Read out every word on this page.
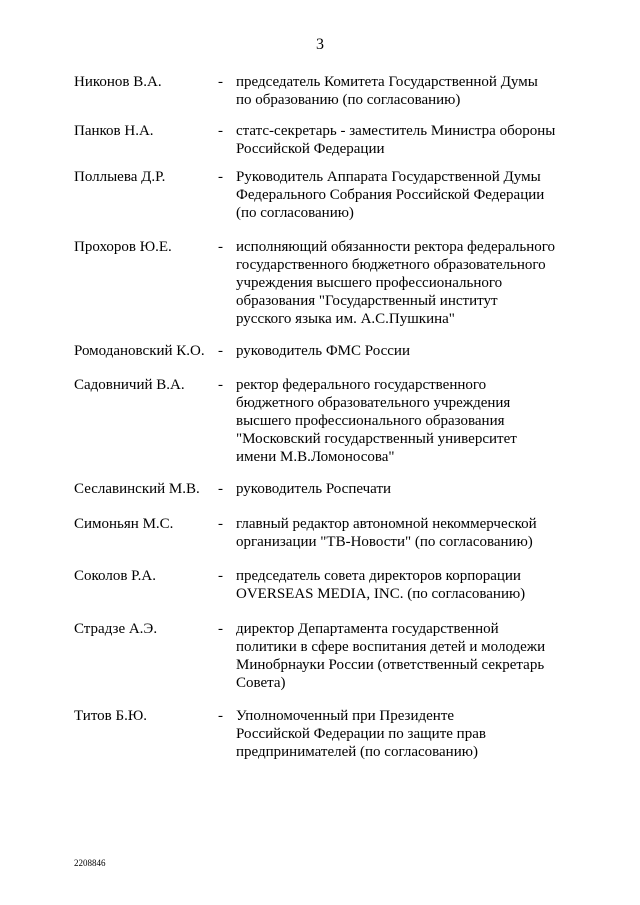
3
Никонов В.А.	- председатель Комитета Государственной Думы
по образованию (по согласованию)
Панков Н.А.	- статс-секретарь - заместитель Министра обороны
Российской Федерации
Поллыева Д.Р.	- Руководитель Аппарата Государственной Думы
Федерального Собрания Российской Федерации
(по согласованию)
Прохоров Ю.Е.	- исполняющий обязанности ректора федерального
государственного бюджетного образовательного
учреждения высшего профессионального
образования "Государственный институт
русского языка им. А.С.Пушкина"
Ромодановский К.О. - руководитель ФМС России
Садовничий В.А. - ректор федерального государственного
бюджетного образовательного учреждения
высшего профессионального образования
"Московский государственный университет
имени М.В.Ломоносова"
Сеславинский М.В. - руководитель Роспечати
Симоньян М.С.	- главный редактор автономной некоммерческой
организации "ТВ-Новости" (по согласованию)
Соколов Р.А.	- председатель совета директоров корпорации
OVERSEAS MEDIA, INC. (по согласованию)
Страдзе А.Э.	- директор Департамента государственной
политики в сфере воспитания детей и молодежи
Минобрнауки России (ответственный секретарь
Совета)
Титов Б.Ю.	- Уполномоченный при Президенте
Российской Федерации по защите прав
предпринимателей (по согласованию)
2208846
